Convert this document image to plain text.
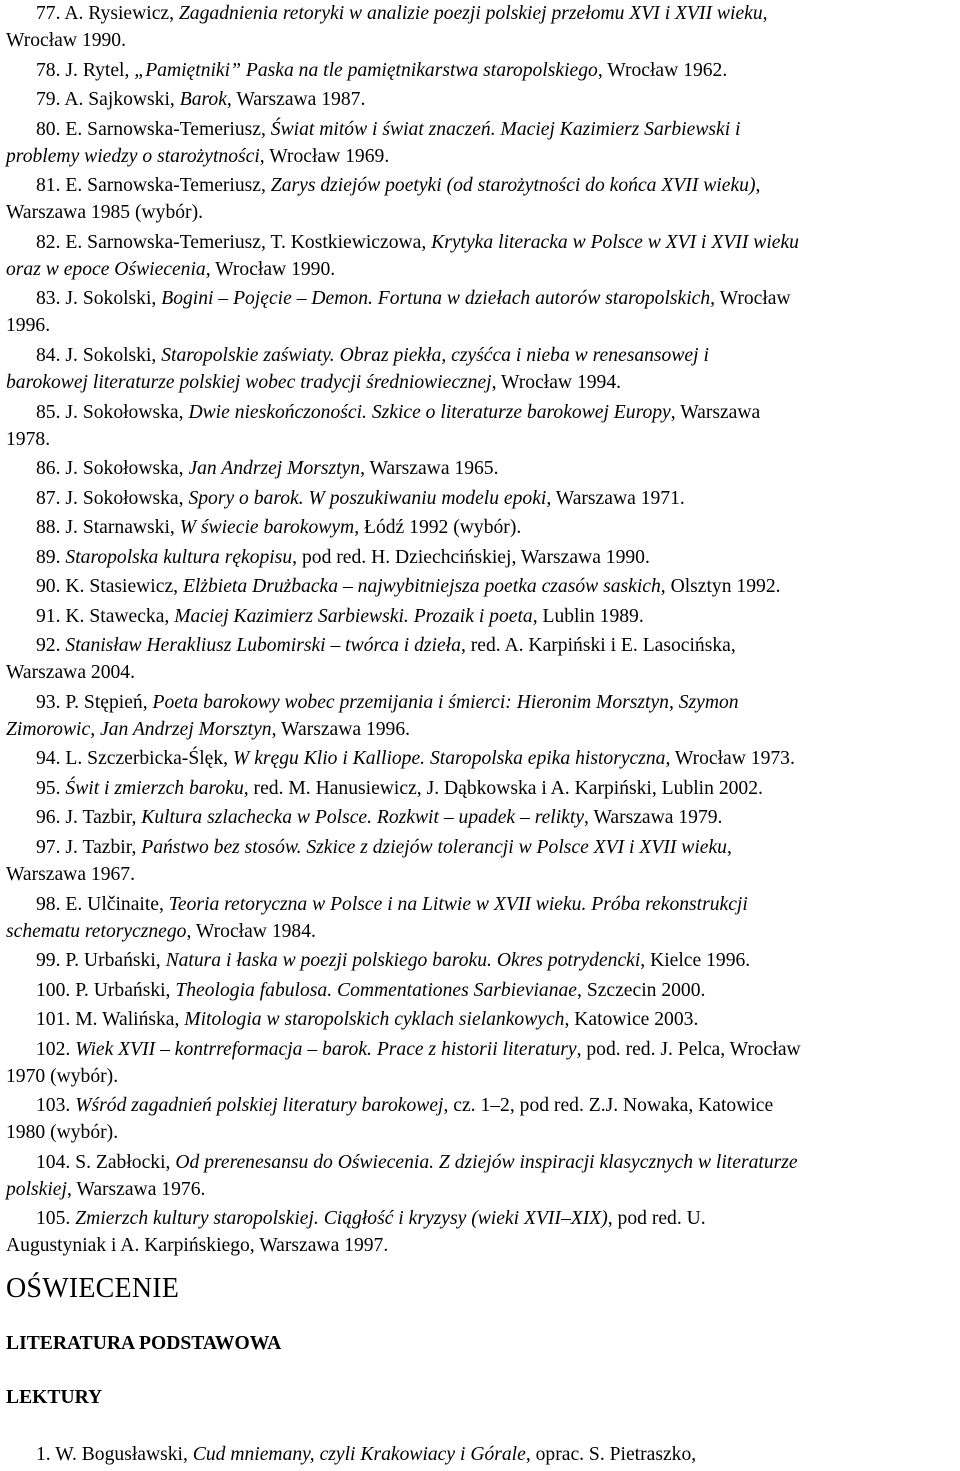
77. A. Rysiewicz, Zagadnienia retoryki w analizie poezji polskiej przełomu XVI i XVII wieku,
Wrocław 1990.
78. J. Rytel, „Pamiętniki” Paska na tle pamiętnikarstwa staropolskiego, Wrocław 1962.
79. A. Sajkowski, Barok, Warszawa 1987.
80. E. Sarnowska-Temeriusz, Świat mitów i świat znaczeń. Maciej Kazimierz Sarbiewski i
problemy wiedzy o starożytności, Wrocław 1969.
81. E. Sarnowska-Temeriusz, Zarys dziejów poetyki (od starożytności do końca XVII wieku),
Warszawa 1985 (wybór).
82. E. Sarnowska-Temeriusz, T. Kostkiewiczowa, Krytyka literacka w Polsce w XVI i XVII wieku
oraz w epoce Oświecenia, Wrocław 1990.
83. J. Sokolski, Bogini – Pojęcie – Demon. Fortuna w dziełach autorów staropolskich, Wrocław
1996.
84. J. Sokolski, Staropolskie zaświaty. Obraz piekła, czyśćca i nieba w renesansowej i
barokowej literaturze polskiej wobec tradycji średniowiecznej, Wrocław 1994.
85. J. Sokołowska, Dwie nieskończoności. Szkice o literaturze barokowej Europy, Warszawa
1978.
86. J. Sokołowska, Jan Andrzej Morsztyn, Warszawa 1965.
87. J. Sokołowska, Spory o barok. W poszukiwaniu modelu epoki, Warszawa 1971.
88. J. Starnawski, W świecie barokowym, Łódź 1992 (wybór).
89. Staropolska kultura rękopisu, pod red. H. Dziechcińskiej, Warszawa 1990.
90. K. Stasiewicz, Elżbieta Drużbacka – najwybitniejsza poetka czasów saskich, Olsztyn 1992.
91. K. Stawecka, Maciej Kazimierz Sarbiewski. Prozaik i poeta, Lublin 1989.
92. Stanisław Herakliusz Lubomirski – twórca i dzieła, red. A. Karpiński i E. Lasocińska,
Warszawa 2004.
93. P. Stępień, Poeta barokowy wobec przemijania i śmierci: Hieronim Morsztyn, Szymon
Zimorowic, Jan Andrzej Morsztyn, Warszawa 1996.
94. L. Szczerbicka-Ślęk, W kręgu Klio i Kalliope. Staropolska epika historyczna, Wrocław 1973.
95. Świt i zmierzch baroku, red. M. Hanusiewicz, J. Dąbkowska i A. Karpiński, Lublin 2002.
96. J. Tazbir, Kultura szlachecka w Polsce. Rozkwit – upadek – relikty, Warszawa 1979.
97. J. Tazbir, Państwo bez stosów. Szkice z dziejów tolerancji w Polsce XVI i XVII wieku,
Warszawa 1967.
98. E. Ulčinaite, Teoria retoryczna w Polsce i na Litwie w XVII wieku. Próba rekonstrukcji
schematu retorycznego, Wrocław 1984.
99. P. Urbański, Natura i łaska w poezji polskiego baroku. Okres potrydencki, Kielce 1996.
100. P. Urbański, Theologia fabulosa. Commentationes Sarbievianae, Szczecin 2000.
101. M. Walińska, Mitologia w staropolskich cyklach sielankowych, Katowice 2003.
102. Wiek XVII – kontrreformacja – barok. Prace z historii literatury, pod. red. J. Pelca, Wrocław
1970 (wybór).
103. Wśród zagadnień polskiej literatury barokowej, cz. 1–2, pod red. Z.J. Nowaka, Katowice
1980 (wybór).
104. S. Zabłocki, Od prerenesansu do Oświecenia. Z dziejów inspiracji klasycznych w literaturze
polskiej, Warszawa 1976.
105. Zmierzch kultury staropolskiej. Ciągłość i kryzysy (wieki XVII–XIX), pod red. U.
Augustyniak i A. Karpińskiego, Warszawa 1997.
OŚWIECENIE
LITERATURA PODSTAWOWA
LEKTURY
1. W. Bogusławski, Cud mniemany, czyli Krakowiacy i Górale, oprac. S. Pietraszko,
